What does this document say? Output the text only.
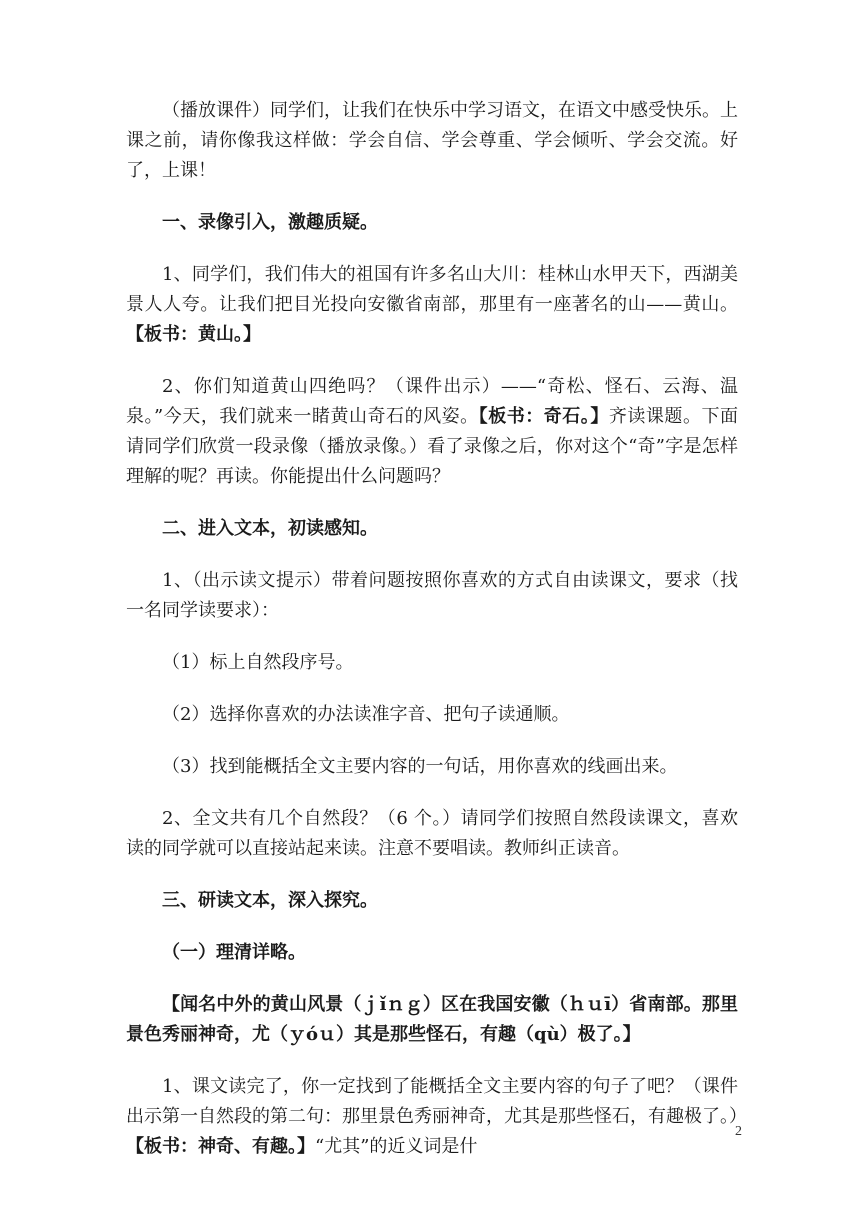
（播放课件）同学们，让我们在快乐中学习语文，在语文中感受快乐。上课之前，请你像我这样做：学会自信、学会尊重、学会倾听、学会交流。好了，上课！

一、录像引入，激趣质疑。

1、同学们，我们伟大的祖国有许多名山大川：桂林山水甲天下，西湖美景人人夸。让我们把目光投向安徽省南部，那里有一座著名的山——黄山。【板书：黄山。】

2、你们知道黄山四绝吗？（课件出示）——“奇松、怪石、云海、温泉。”今天，我们就来一睹黄山奇石的风姿。【板书：奇石。】齐读课题。下面请同学们欣赏一段录像（播放录像。）看了录像之后，你对这个“奇”字是怎样理解的呢？再读。你能提出什么问题吗？

二、进入文本，初读感知。

1、（出示读文提示）带着问题按照你喜欢的方式自由读课文，要求（找一名同学读要求）：

（1）标上自然段序号。

（2）选择你喜欢的办法读准字音、把句子读通顺。

（3）找到能概括全文主要内容的一句话，用你喜欢的线画出来。

2、全文共有几个自然段？（6 个。）请同学们按照自然段读课文，喜欢读的同学就可以直接站起来读。注意不要唱读。教师纠正读音。

三、研读文本，深入探究。

（一）理清详略。

【闻名中外的黄山风景（ｊǐｎｇ）区在我国安徽（ｈｕī）省南部。那里景色秀丽神奇，尤（ｙóｕ）其是那些怪石，有趣（qù）极了。】

1、课文读完了，你一定找到了能概括全文主要内容的句子了吧？（课件出示第一自然段的第二句：那里景色秀丽神奇，尤其是那些怪石，有趣极了。）【板书：神奇、有趣。】“尤其”的近义词是什

2
